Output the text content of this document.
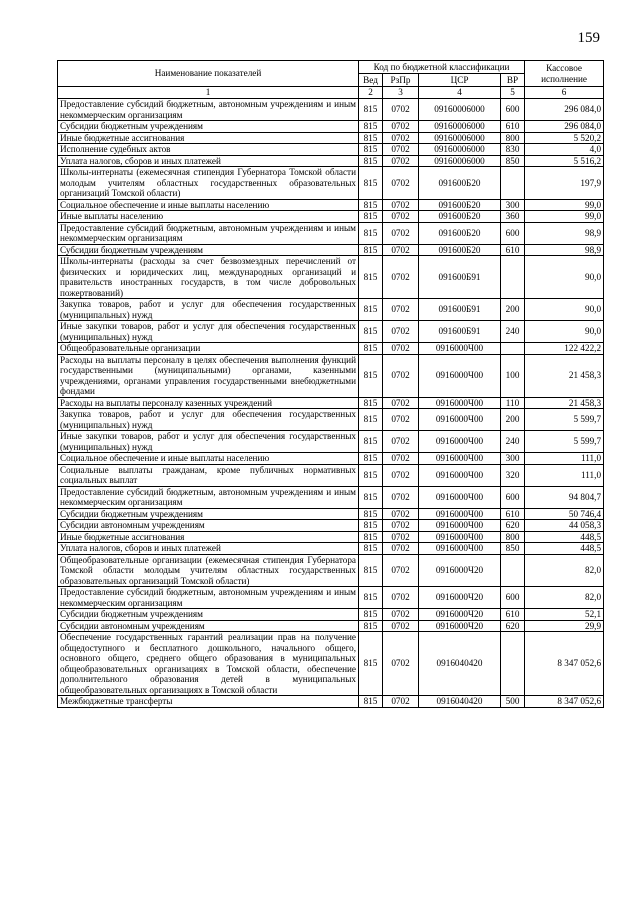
159
Наименование показателей	Код по бюджетной классификации				Кассовое исполнение
	Вед	РзПр	ЦСР	ВР	
1	2	3	4	5	6
Предоставление субсидий бюджетным, автономным учреждениям и иным некоммерческим организациям	815	0702	09160006000	600	296 084,0
Субсидии бюджетным учреждениям	815	0702	09160006000	610	296 084,0
Иные бюджетные ассигнования	815	0702	09160006000	800	5 520,2
Исполнение судебных актов	815	0702	09160006000	830	4,0
Уплата налогов, сборов и иных платежей	815	0702	09160006000	850	5 516,2
Школы-интернаты (ежемесячная стипендия Губернатора Томской области молодым учителям областных государственных образовательных организаций Томской области)	815	0702	091600Б20		197,9
Социальное обеспечение и иные выплаты населению	815	0702	091600Б20	300	99,0
Иные выплаты населению	815	0702	091600Б20	360	99,0
Предоставление субсидий бюджетным, автономным учреждениям и иным некоммерческим организациям	815	0702	091600Б20	600	98,9
Субсидии бюджетным учреждениям	815	0702	091600Б20	610	98,9
Школы-интернаты (расходы за счет безвозмездных перечислений от физических и юридических лиц, международных организаций и правительств иностранных государств, в том числе добровольных пожертвований)	815	0702	091600Б91		90,0
Закупка товаров, работ и услуг для обеспечения государственных (муниципальных) нужд	815	0702	091600Б91	200	90,0
Иные закупки товаров, работ и услуг для обеспечения государственных (муниципальных) нужд	815	0702	091600Б91	240	90,0
Общеобразовательные организации	815	0702	0916000Ч00		122 422,2
Расходы на выплаты персоналу в целях обеспечения выполнения функций государственными (муниципальными) органами, казенными учреждениями, органами управления государственными внебюджетными фондами	815	0702	0916000Ч00	100	21 458,3
Расходы на выплаты персоналу казенных учреждений	815	0702	0916000Ч00	110	21 458,3
Закупка товаров, работ и услуг для обеспечения государственных (муниципальных) нужд	815	0702	0916000Ч00	200	5 599,7
Иные закупки товаров, работ и услуг для обеспечения государственных (муниципальных) нужд	815	0702	0916000Ч00	240	5 599,7
Социальное обеспечение и иные выплаты населению	815	0702	0916000Ч00	300	111,0
Социальные выплаты гражданам, кроме публичных нормативных социальных выплат	815	0702	0916000Ч00	320	111,0
Предоставление субсидий бюджетным, автономным учреждениям и иным некоммерческим организациям	815	0702	0916000Ч00	600	94 804,7
Субсидии бюджетным учреждениям	815	0702	0916000Ч00	610	50 746,4
Субсидии автономным учреждениям	815	0702	0916000Ч00	620	44 058,3
Иные бюджетные ассигнования	815	0702	0916000Ч00	800	448,5
Уплата налогов, сборов и иных платежей	815	0702	0916000Ч00	850	448,5
Общеобразовательные организации (ежемесячная стипендия Губернатора Томской области молодым учителям областных государственных образовательных организаций Томской области)	815	0702	0916000Ч20		82,0
Предоставление субсидий бюджетным, автономным учреждениям и иным некоммерческим организациям	815	0702	0916000Ч20	600	82,0
Субсидии бюджетным учреждениям	815	0702	0916000Ч20	610	52,1
Субсидии автономным учреждениям	815	0702	0916000Ч20	620	29,9
Обеспечение государственных гарантий реализации прав на получение общедоступного и бесплатного дошкольного, начального общего, основного общего, среднего общего образования в муниципальных общеобразовательных организациях в Томской области, обеспечение дополнительного образования детей в муниципальных общеобразовательных организациях в Томской области	815	0702	0916040420		8 347 052,6
Межбюджетные трансферты	815	0702	0916040420	500	8 347 052,6
